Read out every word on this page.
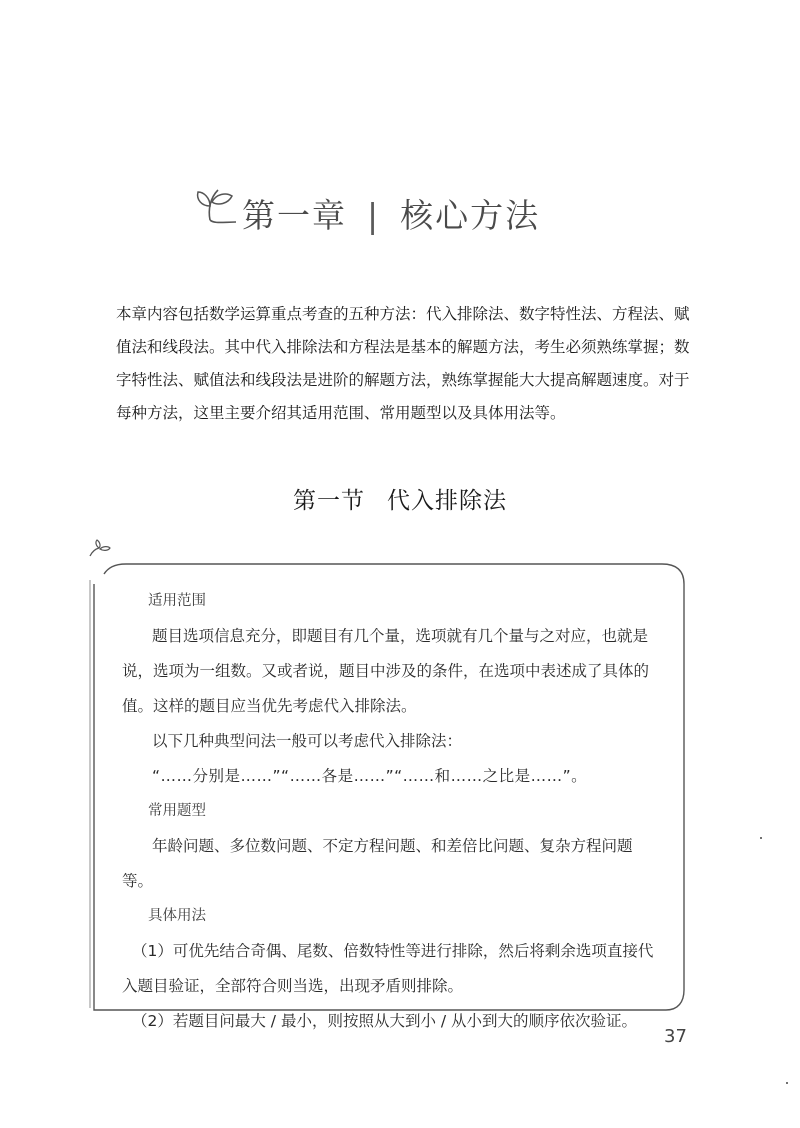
第一章 | 核心方法

本章内容包括数学运算重点考查的五种方法：代入排除法、数字特性法、方程法、赋值法和线段法。其中代入排除法和方程法是基本的解题方法，考生必须熟练掌握；数字特性法、赋值法和线段法是进阶的解题方法，熟练掌握能大大提高解题速度。对于每种方法，这里主要介绍其适用范围、常用题型以及具体用法等。

第一节 代入排除法
适用范围

题目选项信息充分，即题目有几个量，选项就有几个量与之对应，也就是说，选项为一组数。又或者说，题目中涉及的条件，在选项中表述成了具体的值。这样的题目应当优先考虑代入排除法。

以下几种典型问法一般可以考虑代入排除法：

“……分别是……”“……各是……”“……和……之比是……”。

常用题型

年龄问题、多位数问题、不定方程问题、和差倍比问题、复杂方程问题等。

具体用法

（1）可优先结合奇偶、尾数、倍数特性等进行排除，然后将剩余选项直接代入题目验证，全部符合则当选，出现矛盾则排除。

（2）若题目问最大 / 最小，则按照从大到小 / 从小到大的顺序依次验证。

37
